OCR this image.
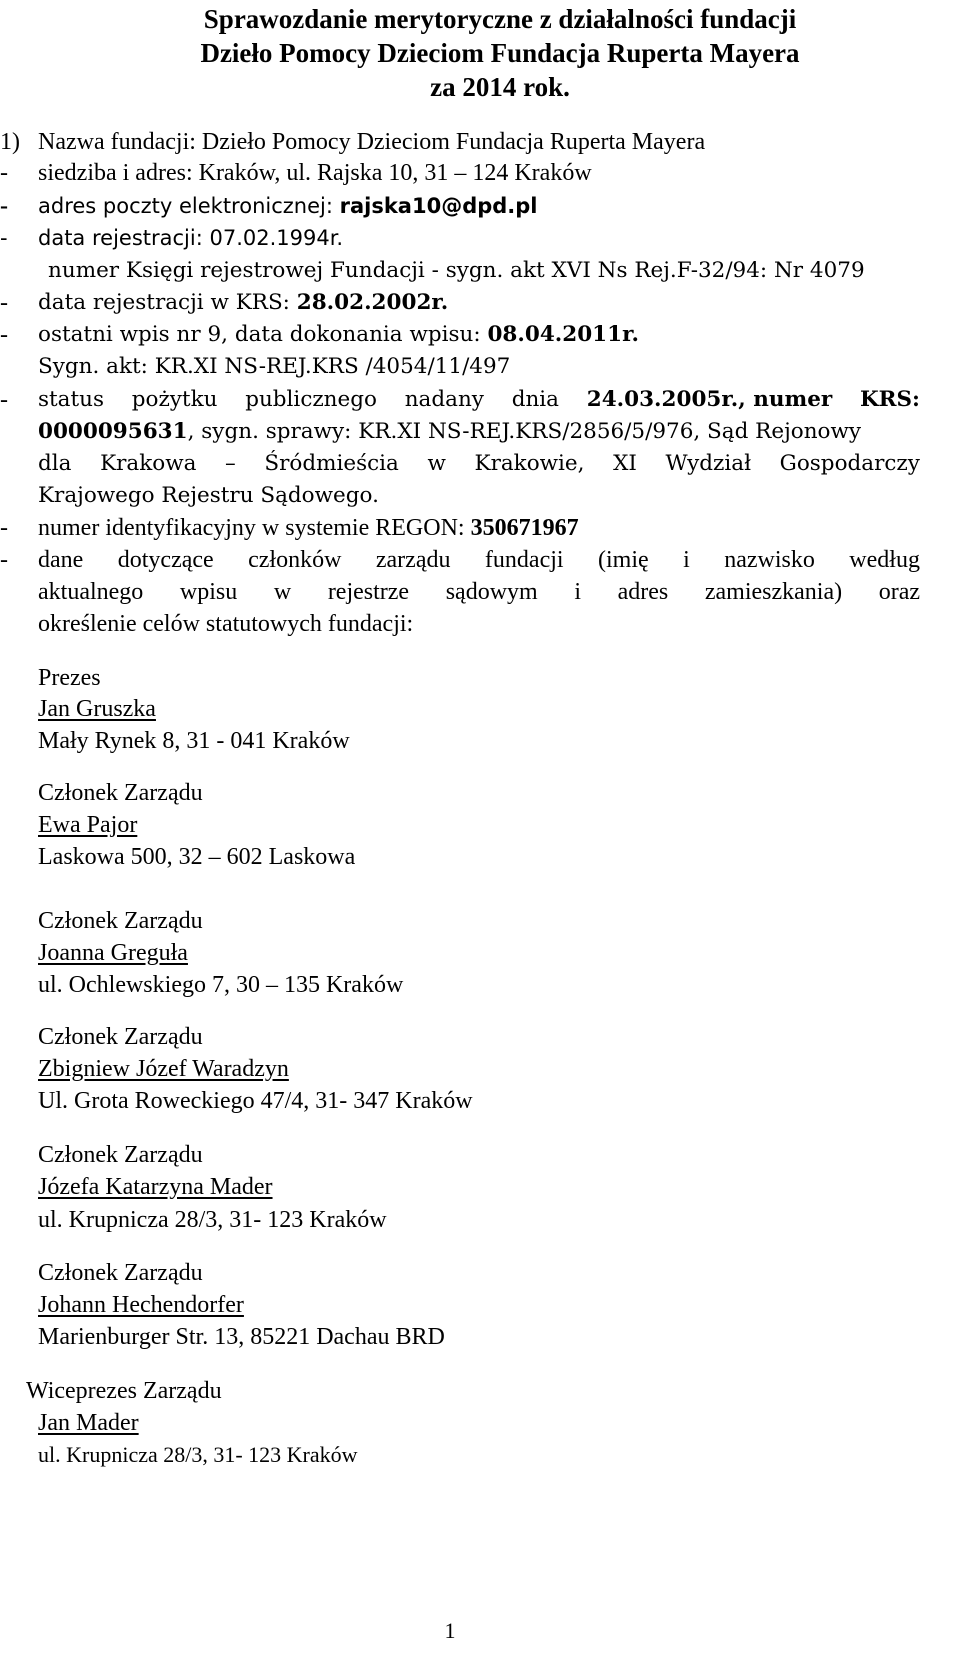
Sprawozdanie merytoryczne z działalności fundacji
Dzieło Pomocy Dzieciom Fundacja Ruperta Mayera
za 2014 rok.
1) Nazwa fundacji: Dzieło Pomocy Dzieciom Fundacja Ruperta Mayera
- siedziba i adres: Kraków, ul. Rajska 10, 31 – 124 Kraków
- adres poczty elektronicznej: rajska10@dpd.pl
- data rejestracji: 07.02.1994r.
numer Księgi rejestrowej Fundacji - sygn. akt XVI Ns Rej.F-32/94: Nr 4079
- data rejestracji w KRS: 28.02.2002r.
- ostatni wpis nr 9, data dokonania wpisu: 08.04.2011r.
Sygn. akt: KR.XI NS-REJ.KRS /4054/11/497
- status pożytku publicznego nadany dnia 24.03.2005r., numer KRS:
0000095631, sygn. sprawy: KR.XI NS-REJ.KRS/2856/5/976, Sąd Rejonowy
dla Krakowa – Śródmieścia w Krakowie, XI Wydział Gospodarczy
Krajowego Rejestru Sądowego.
- numer identyfikacyjny w systemie REGON: 350671967
- dane dotyczące członków zarządu fundacji (imię i nazwisko według
aktualnego wpisu w rejestrze sądowym i adres zamieszkania) oraz
określenie celów statutowych fundacji:
Prezes
Jan Gruszka
Mały Rynek 8, 31 - 041 Kraków
Członek Zarządu
Ewa Pajor
Laskowa 500, 32 – 602 Laskowa
Członek Zarządu
Joanna Greguła
ul. Ochlewskiego 7, 30 – 135 Kraków
Członek Zarządu
Zbigniew Józef Waradzyn
Ul. Grota Roweckiego 47/4, 31- 347 Kraków
Członek Zarządu
Józefa Katarzyna Mader
ul. Krupnicza 28/3, 31- 123 Kraków
Członek Zarządu
Johann Hechendorfer
Marienburger Str. 13, 85221 Dachau BRD
Wiceprezes Zarządu
Jan Mader
ul. Krupnicza 28/3, 31- 123 Kraków
1
